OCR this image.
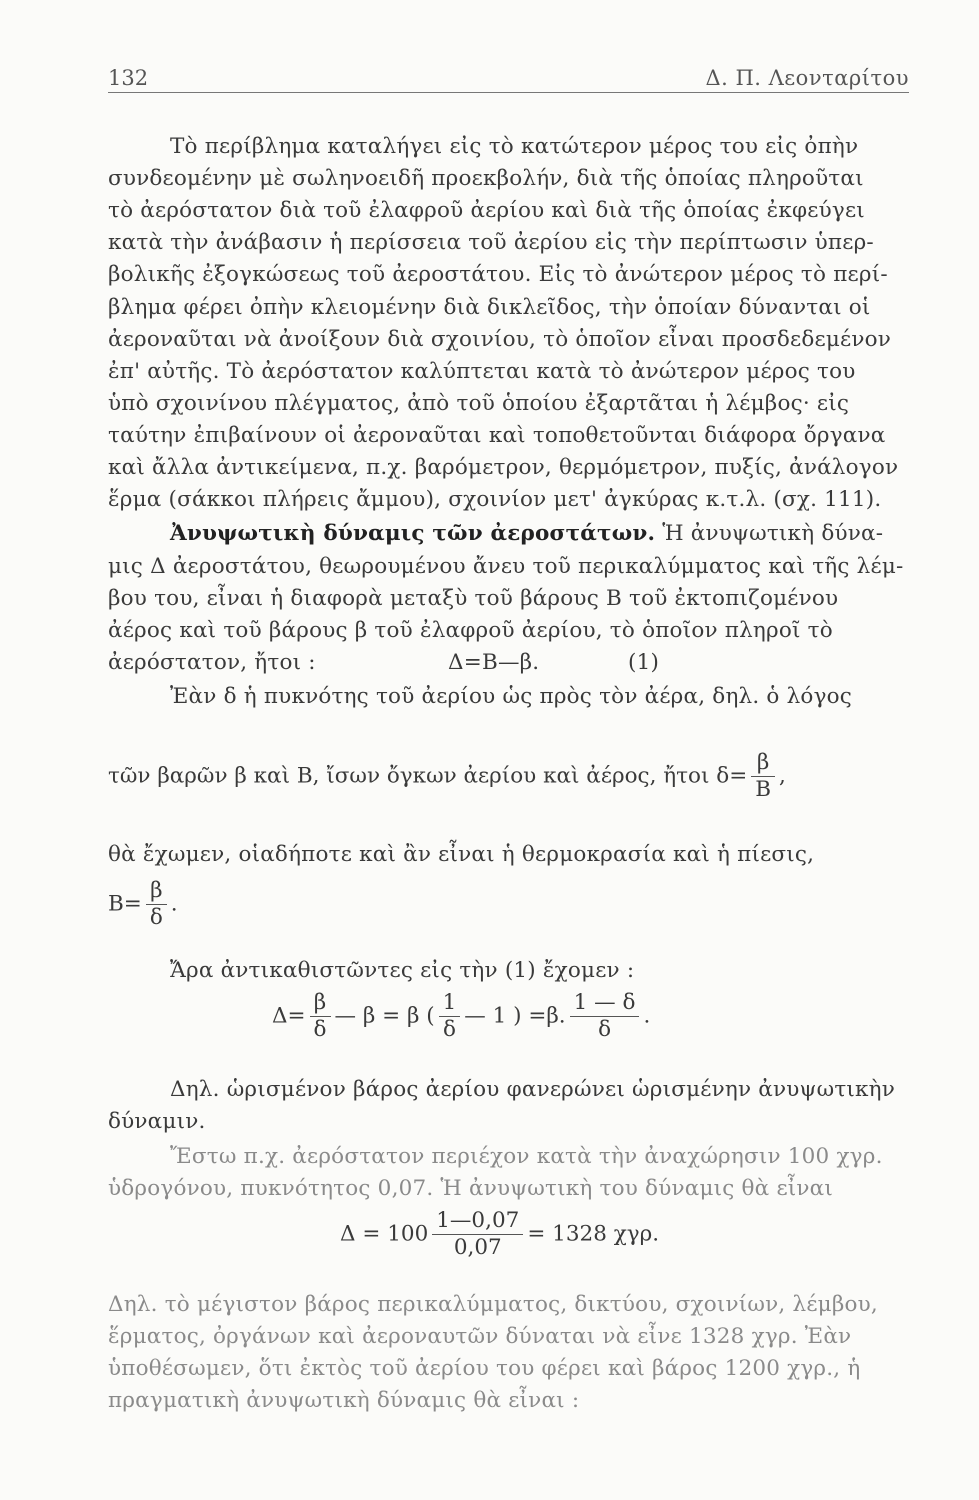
132	Δ. Π. Λεονταρίτου
Τὸ περίβλημα καταλήγει εἰς τὸ κατώτερον μέρος του εἰς ὀπὴν
συνδεομένην μὲ σωληνοειδῆ προεκβολήν, διὰ τῆς ὁποίας πληροῦται
τὸ ἀερόστατον διὰ τοῦ ἐλαφροῦ ἀερίου καὶ διὰ τῆς ὁποίας ἐκφεύγει
κατὰ τὴν ἀνάβασιν ἡ περίσσεια τοῦ ἀερίου εἰς τὴν περίπτωσιν ὑπερ-
βολικῆς ἐξογκώσεως τοῦ ἀεροστάτου. Εἰς τὸ ἀνώτερον μέρος τὸ περί-
βλημα φέρει ὀπὴν κλειομένην διὰ δικλεῖδος, τὴν ὁποίαν δύνανται οἱ
ἀεροναῦται νὰ ἀνοίξουν διὰ σχοινίου, τὸ ὁποῖον εἶναι προσδεδεμένον
ἐπ' αὐτῆς. Τὸ ἀερόστατον καλύπτεται κατὰ τὸ ἀνώτερον μέρος του
ὑπὸ σχοινίνου πλέγματος, ἀπὸ τοῦ ὁποίου ἐξαρτᾶται ἡ λέμβος· εἰς
ταύτην ἐπιβαίνουν οἱ ἀεροναῦται καὶ τοποθετοῦνται διάφορα ὄργανα
καὶ ἄλλα ἀντικείμενα, π.χ. βαρόμετρον, θερμόμετρον, πυξίς, ἀνάλογον
ἕρμα (σάκκοι πλήρεις ἄμμου), σχοινίον μετ' ἀγκύρας κ.τ.λ. (σχ. 111).
Ἀνυψωτικὴ δύναμις τῶν ἀεροστάτων. Ἡ ἀνυψωτικὴ δύνα-
μις Δ ἀεροστάτου, θεωρουμένου ἄνευ τοῦ περικαλύμματος καὶ τῆς λέμ-
βου του, εἶναι ἡ διαφορὰ μεταξὺ τοῦ βάρους Β τοῦ ἐκτοπιζομένου
ἀέρος καὶ τοῦ βάρους β τοῦ ἐλαφροῦ ἀερίου, τὸ ὁποῖον πληροῖ τὸ
ἀερόστατον, ἤτοι :	Δ=Β—β.	(1)
Ἐὰν δ ἡ πυκνότης τοῦ ἀερίου ὡς πρὸς τὸν ἀέρα, δηλ. ὁ λόγος
τῶν βαρῶν β καὶ Β, ἴσων ὄγκων ἀερίου καὶ ἀέρος, ἤτοι $\delta= \frac{\beta}{B}$ ,
θὰ ἔχωμεν, οἱαδήποτε καὶ ἂν εἶναι ἡ θερμοκρασία καὶ ἡ πίεσις,
$B= \frac{\beta}{\delta}$ .
Ἄρα ἀντικαθιστῶντες εἰς τὴν (1) ἔχομεν :
$\Delta= \frac{\beta}{\delta}$ — β = β ( $\frac{1}{\delta}$ — 1 ) =β. $\frac{1 — \delta}{\delta}$ .
Δηλ. ὡρισμένον βάρος ἀερίου φανερώνει ὡρισμένην ἀνυψωτικὴν
δύναμιν.
Ἔστω π.χ. ἀερόστατον περιέχον κατὰ τὴν ἀναχώρησιν 100 χγρ.
ὑδρογόνου, πυκνότητος 0,07. Ἡ ἀνυψωτικὴ του δύναμις θὰ εἶναι
$\Delta = 100 \frac{1—0,07}{0,07} = 1328$ χγρ.
Δηλ. τὸ μέγιστον βάρος περικαλύμματος, δικτύου, σχοινίων, λέμβου,
ἕρματος, ὀργάνων καὶ ἀεροναυτῶν δύναται νὰ εἶνε 1328 χγρ. Ἐὰν
ὑποθέσωμεν, ὅτι ἐκτὸς τοῦ ἀερίου του φέρει καὶ βάρος 1200 χγρ., ἡ
πραγματικὴ ἀνυψωτικὴ δύναμις θὰ εἶναι :
